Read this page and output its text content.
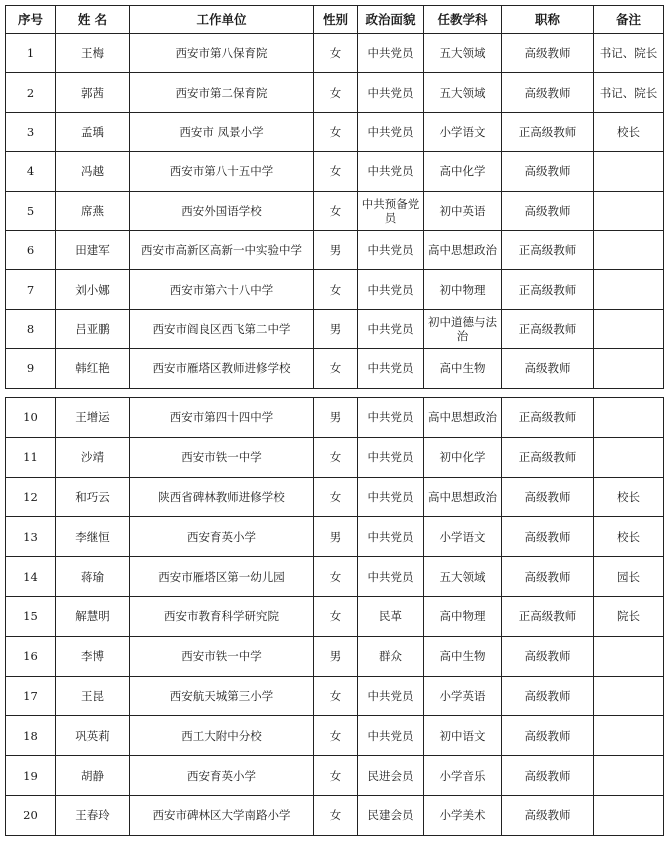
序号	姓 名	工作单位	性别	政治面貌	任教学科	职称	备注
1	王梅	西安市第八保育院	女	中共党员	五大领域	高级教师	书记、院长
2	郭茜	西安市第二保育院	女	中共党员	五大领域	高级教师	书记、院长
3	孟瑀	西安市 凤景小学	女	中共党员	小学语文	正高级教师	校长
4	冯越	西安市第八十五中学	女	中共党员	高中化学	高级教师	
5	席燕	西安外国语学校	女	中共预备党员	初中英语	高级教师	
6	田建军	西安市高新区高新一中实验中学	男	中共党员	高中思想政治	正高级教师	
7	刘小娜	西安市第六十八中学	女	中共党员	初中物理	正高级教师	
8	吕亚鹏	西安市阎良区西飞第二中学	男	中共党员	初中道德与法治	正高级教师	
9	韩红艳	西安市雁塔区教师进修学校	女	中共党员	高中生物	高级教师	
10	王增运	西安市第四十四中学	男	中共党员	高中思想政治	正高级教师	
11	沙靖	西安市铁一中学	女	中共党员	初中化学	正高级教师	
12	和巧云	陕西省碑林教师进修学校	女	中共党员	高中思想政治	高级教师	校长
13	李继恒	西安育英小学	男	中共党员	小学语文	高级教师	校长
14	蒋瑜	西安市雁塔区第一幼儿园	女	中共党员	五大领域	高级教师	园长
15	解慧明	西安市教育科学研究院	女	民革	高中物理	正高级教师	院长
16	李博	西安市铁一中学	男	群众	高中生物	高级教师	
17	王昆	西安航天城第三小学	女	中共党员	小学英语	高级教师	
18	巩英莉	西工大附中分校	女	中共党员	初中语文	高级教师	
19	胡静	西安育英小学	女	民进会员	小学音乐	高级教师	
20	王春玲	西安市碑林区大学南路小学	女	民建会员	小学美术	高级教师	
